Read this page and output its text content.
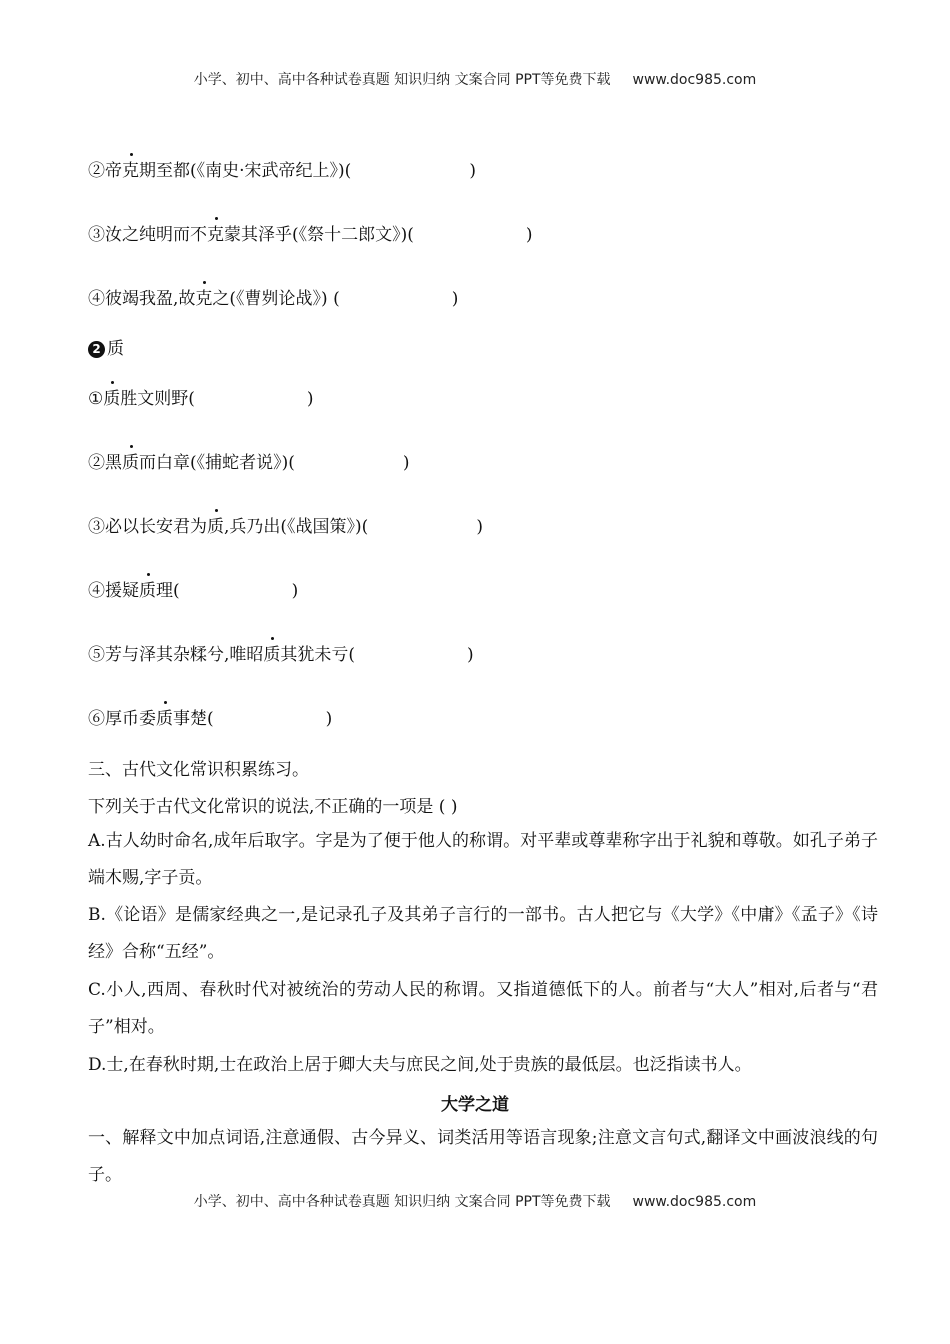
小学、初中、高中各种试卷真题 知识归纳 文案合同 PPT等免费下载 www.doc985.com
②帝克期至都(《南史·宋武帝纪上》)(	)
③汝之纯明而不克蒙其泽乎(《祭十二郎文》)(	)
④彼竭我盈,故克之(《曹刿论战》) (	)
2 质
①质胜文则野(	)
②黑质而白章(《捕蛇者说》)(	)
③必以长安君为质,兵乃出(《战国策》)(	)
④援疑质理(	)
⑤芳与泽其杂糅兮,唯昭质其犹未亏(	)
⑥厚币委质事楚(	)
三、古代文化常识积累练习。
下列关于古代文化常识的说法,不正确的一项是 ( )
A.古人幼时命名,成年后取字。字是为了便于他人的称谓。对平辈或尊辈称字出于礼貌和尊敬。如孔子弟子端木赐,字子贡。
B.《论语》是儒家经典之一,是记录孔子及其弟子言行的一部书。古人把它与《大学》《中庸》《孟子》《诗经》合称“五经”。
C.小人,西周、春秋时代对被统治的劳动人民的称谓。又指道德低下的人。前者与“大人”相对,后者与“君子”相对。
D.士,在春秋时期,士在政治上居于卿大夫与庶民之间,处于贵族的最低层。也泛指读书人。
大学之道
一、解释文中加点词语,注意通假、古今异义、词类活用等语言现象;注意文言句式,翻译文中画波浪线的句子。
小学、初中、高中各种试卷真题 知识归纳 文案合同 PPT等免费下载 www.doc985.com
